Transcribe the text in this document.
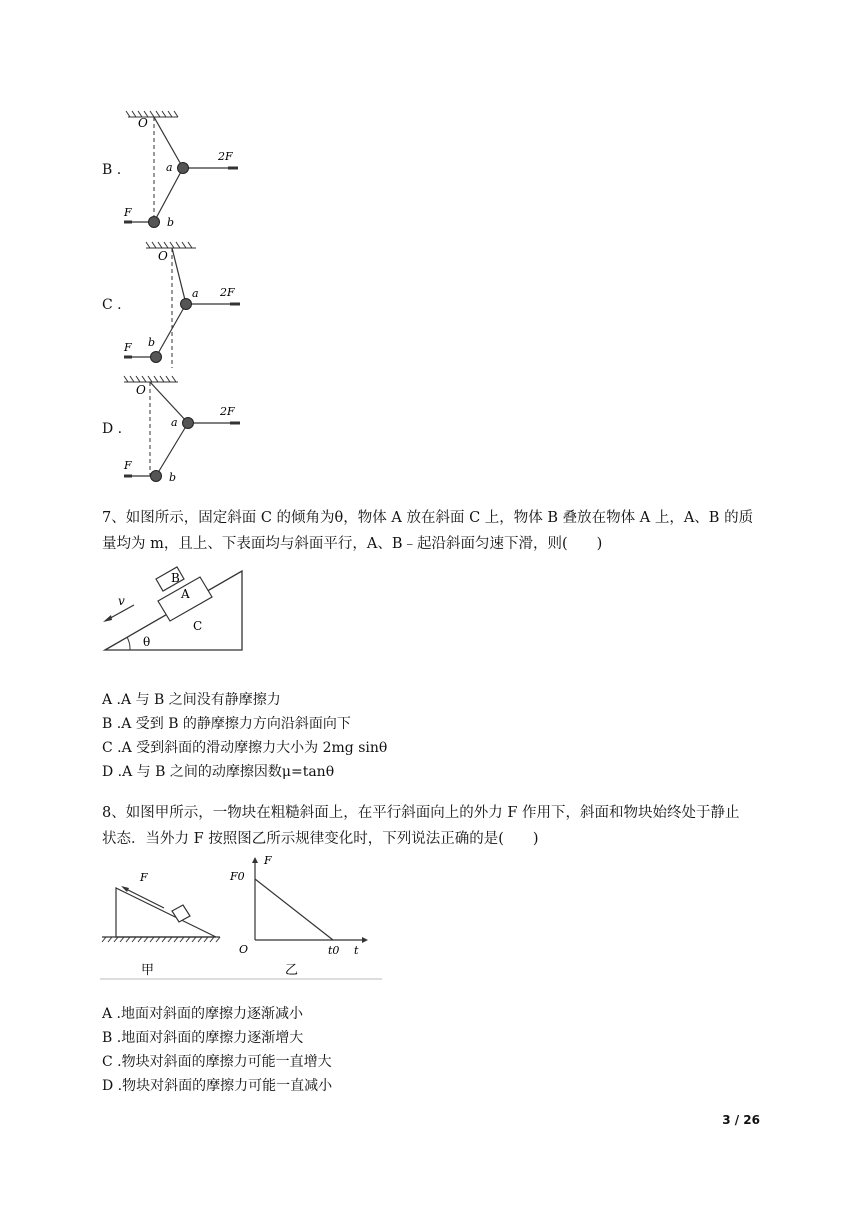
B .
O
a
b
F
2F
C .
O
a
b
F
2F
D .
O
a
b
F
2F
7、如图所示，固定斜面 C 的倾角为θ，物体 A 放在斜面 C 上，物体 B 叠放在物体 A 上，A、B 的质
量均为 m，且上、下表面均与斜面平行，A、B﹣起沿斜面匀速下滑，则(　　)
v
B
A
C
θ
A .A 与 B 之间没有静摩擦力
B .A 受到 B 的静摩擦力方向沿斜面向下
C .A 受到斜面的滑动摩擦力大小为 2mg sinθ
D .A 与 B 之间的动摩擦因数μ=tanθ
8、如图甲所示，一物块在粗糙斜面上，在平行斜面向上的外力 F 作用下，斜面和物块始终处于静止
状态．当外力 F 按照图乙所示规律变化时，下列说法正确的是(　　)
F
F
F0
O	t0 t
甲	乙
A .地面对斜面的摩擦力逐渐减小
B .地面对斜面的摩擦力逐渐增大
C .物块对斜面的摩擦力可能一直增大
D .物块对斜面的摩擦力可能一直减小
3 / 26
